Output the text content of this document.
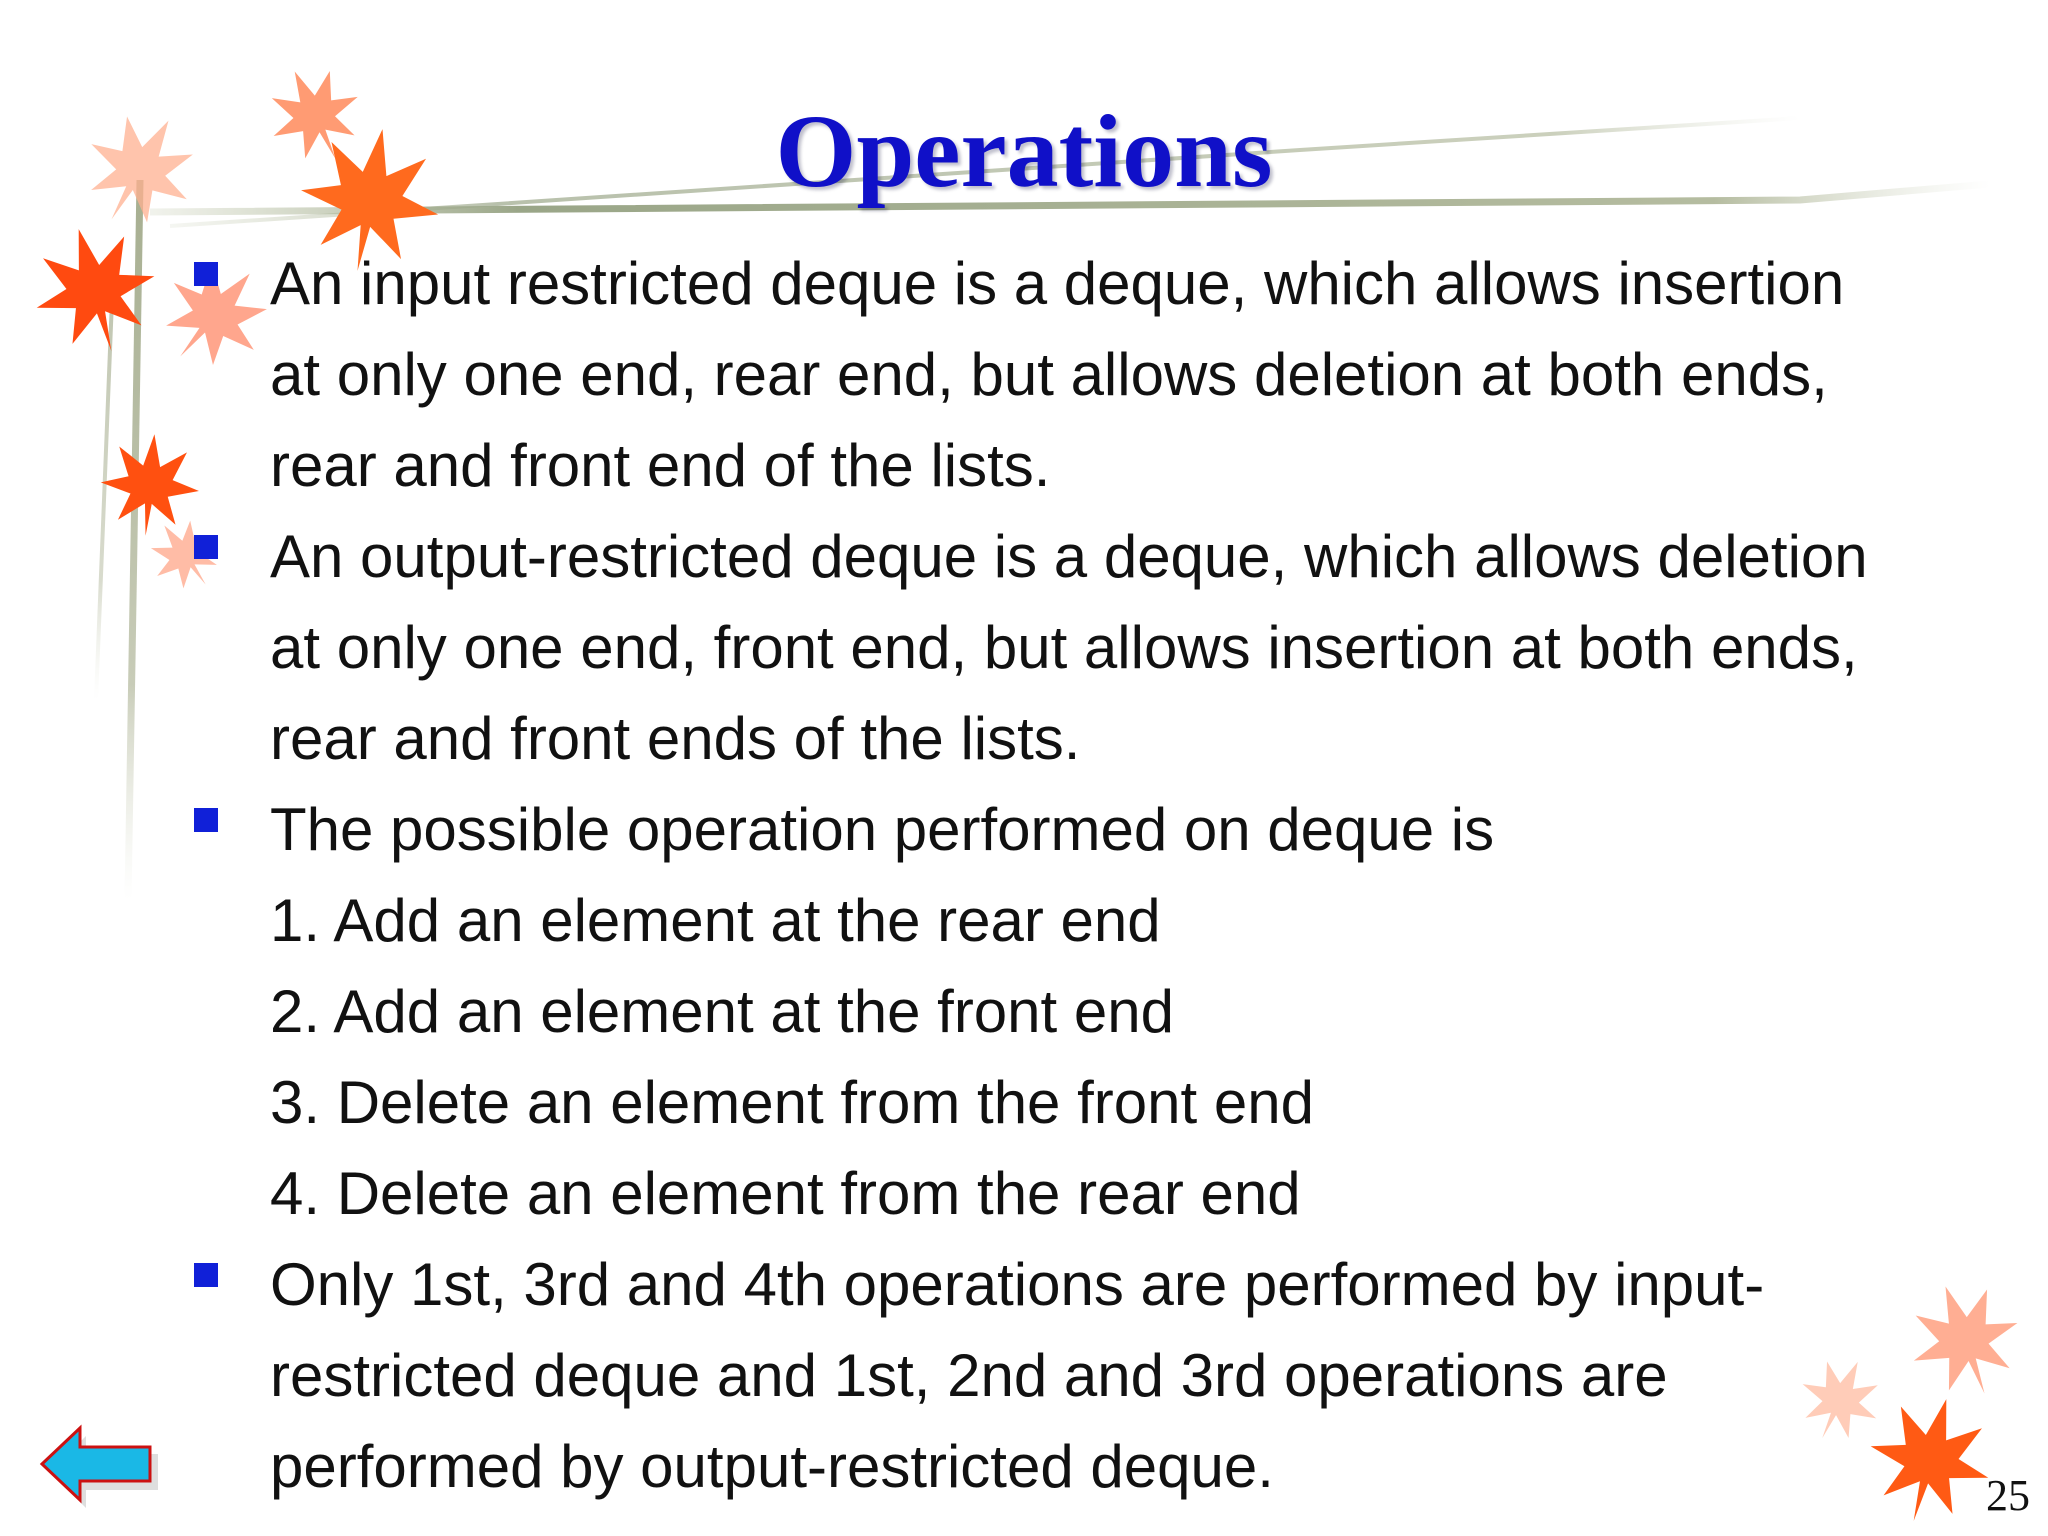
Operations
An input restricted deque is a deque, which allows insertion
at only one end, rear end, but allows deletion at both ends,
rear and front end of the lists.
An output-restricted deque is a deque, which allows deletion
at only one end, front end, but allows insertion at both ends,
rear and front ends of the lists.
The possible operation performed on deque is
1. Add an element at the rear end
2. Add an element at the front end
3. Delete an element from the front end
4. Delete an element from the rear end
Only 1st, 3rd and 4th operations are performed by input-
restricted deque and 1st, 2nd and 3rd operations are
performed by output-restricted deque.	25
